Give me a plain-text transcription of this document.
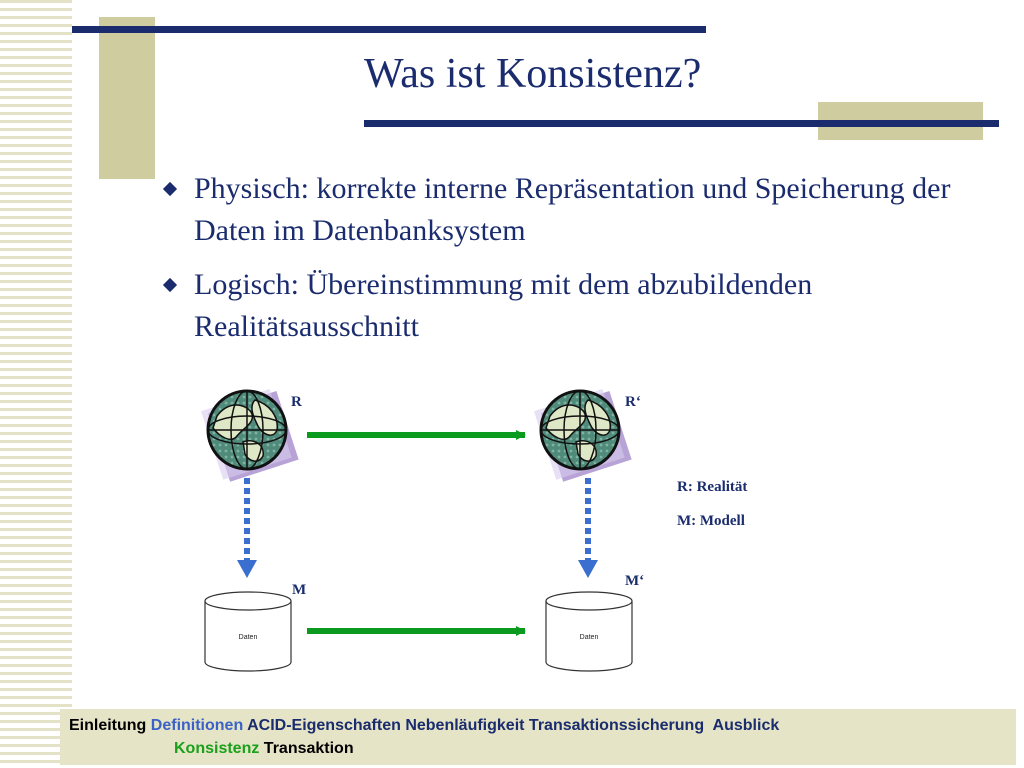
Was ist Konsistenz?
Physisch: korrekte interne Repräsentation und Speicherung der Daten im Datenbanksystem
Logisch: Übereinstimmung mit dem abzubildenden Realitätsausschnitt
Daten	Daten
R	R‘
M
M‘
R: Realität
M: Modell
Einleitung Definitionen ACID-Eigenschaften Nebenläufigkeit Transaktionssicherung Ausblick
Konsistenz Transaktion
